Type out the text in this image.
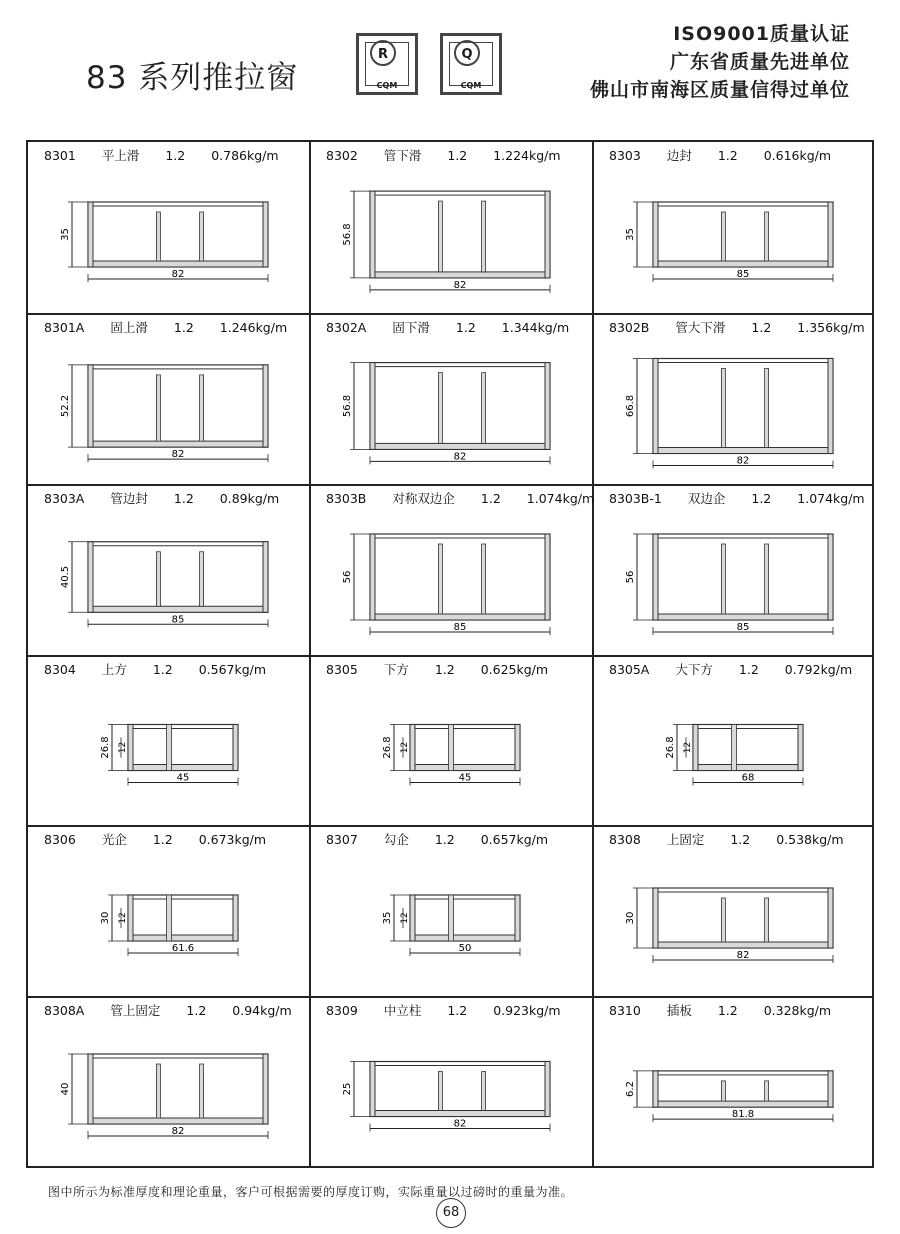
83 系列推拉窗
R
CQM
Q
CQM
ISO9001质量认证
广东省质量先进单位
佛山市南海区质量信得过单位
8301 平上滑 1.2 0.786kg/m
35
82
8302 管下滑 1.2 1.224kg/m
56.8
82
8303 边封 1.2 0.616kg/m
35
85
8301A 固上滑 1.2 1.246kg/m
52.2
82
8302A 固下滑 1.2 1.344kg/m
56.8
82
8302B 管大下滑 1.2 1.356kg/m
66.8
82
8303A 管边封 1.2 0.89kg/m
40.5
85
8303B 对称双边企 1.2 1.074kg/m
56
85
8303B-1 双边企 1.2 1.074kg/m
56
85
8304 上方 1.2 0.567kg/m
26.8 12
45
8305 下方 1.2 0.625kg/m
26.8 12
45
8305A 大下方 1.2 0.792kg/m
26.8 12
68
8306 光企 1.2 0.673kg/m
30 12
61.6
8307 勾企 1.2 0.657kg/m
35 12
50
8308 上固定 1.2 0.538kg/m
30
82
8308A 管上固定 1.2 0.94kg/m
40
82
8309 中立柱 1.2 0.923kg/m
25
82
8310 插板 1.2 0.328kg/m
6.2
81.8
图中所示为标准厚度和理论重量，客户可根据需要的厚度订购，实际重量以过磅时的重量为准。
68
